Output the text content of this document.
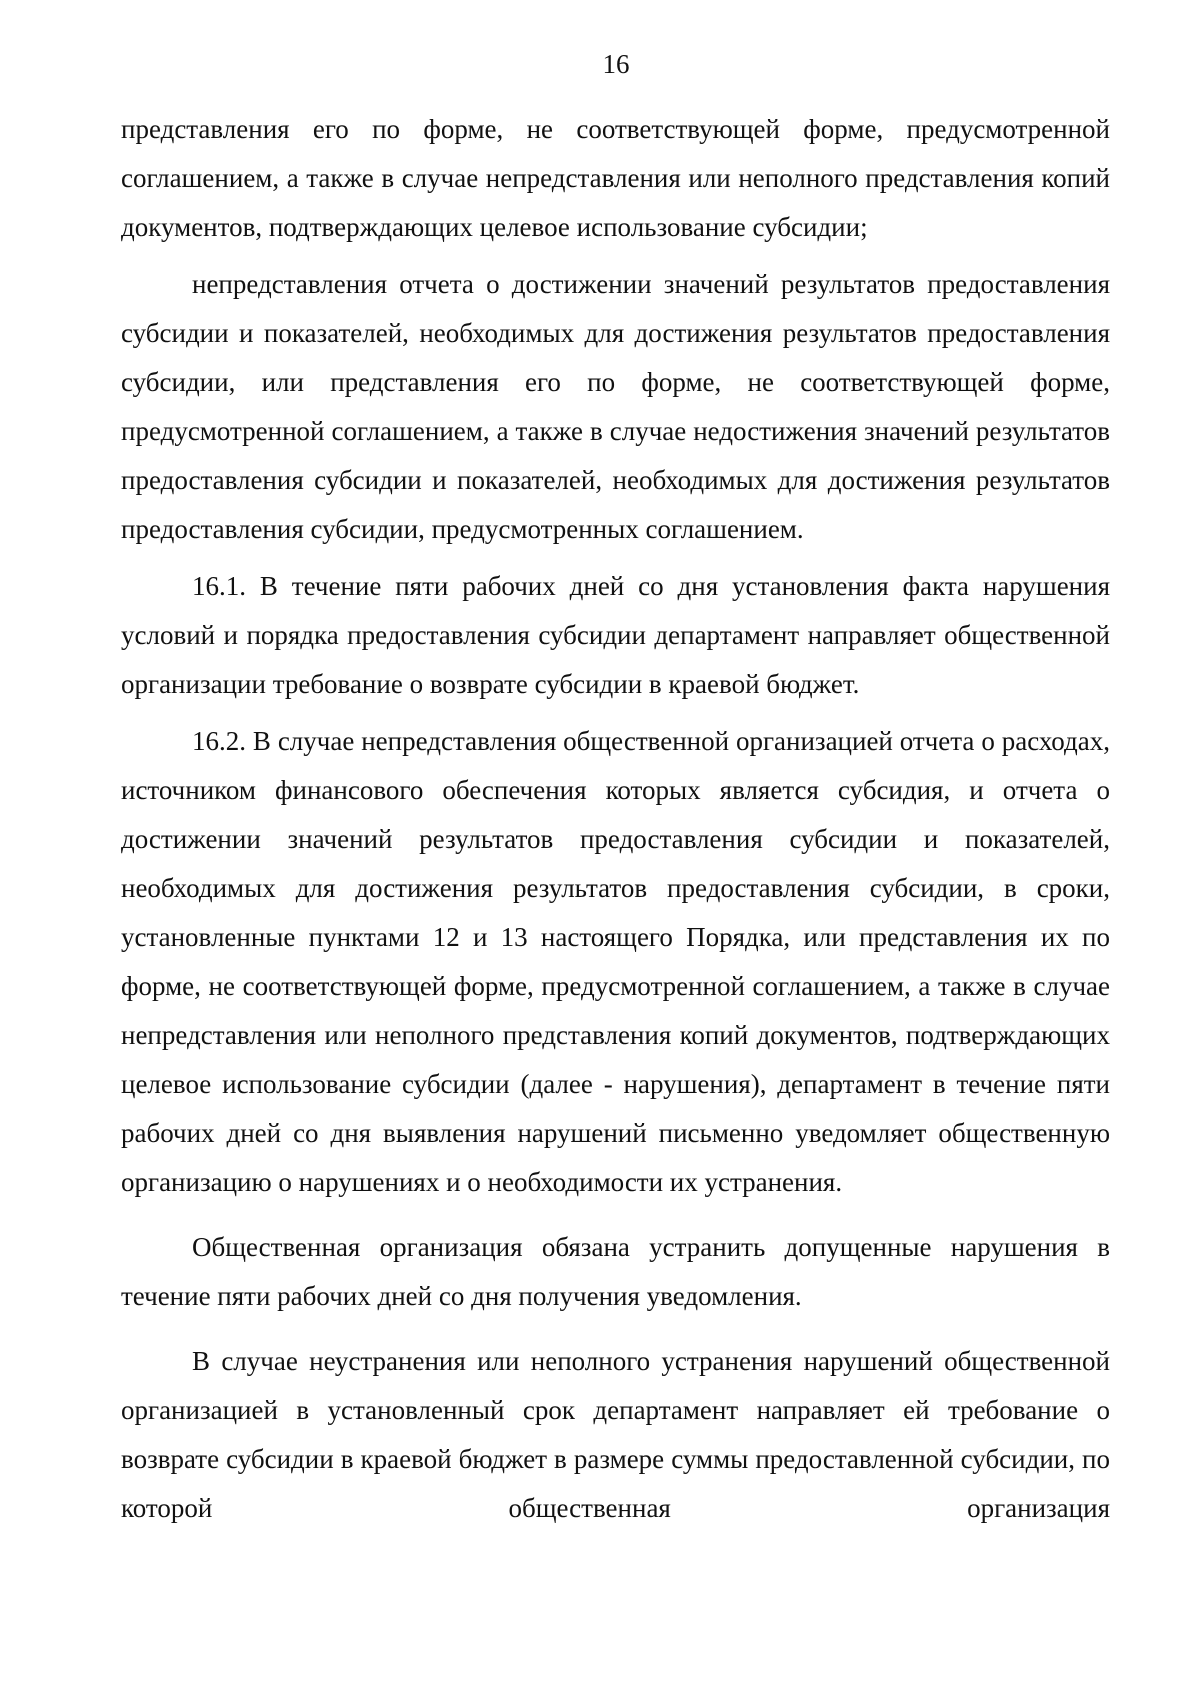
16

представления его по форме, не соответствующей форме, предусмотренной соглашением, а также в случае непредставления или неполного представления копий документов, подтверждающих целевое использование субсидии;

непредставления отчета о достижении значений результатов предоставления субсидии и показателей, необходимых для достижения результатов предоставления субсидии, или представления его по форме, не соответствующей форме, предусмотренной соглашением, а также в случае недостижения значений результатов предоставления субсидии и показателей, необходимых для достижения результатов предоставления субсидии, предусмотренных соглашением.

16.1. В течение пяти рабочих дней со дня установления факта нарушения условий и порядка предоставления субсидии департамент направляет общественной организации требование о возврате субсидии в краевой бюджет.

16.2. В случае непредставления общественной организацией отчета о расходах, источником финансового обеспечения которых является субсидия, и отчета о достижении значений результатов предоставления субсидии и показателей, необходимых для достижения результатов предоставления субсидии, в сроки, установленные пунктами 12 и 13 настоящего Порядка, или представления их по форме, не соответствующей форме, предусмотренной соглашением, а также в случае непредставления или неполного представления копий документов, подтверждающих целевое использование субсидии (далее - нарушения), департамент в течение пяти рабочих дней со дня выявления нарушений письменно уведомляет общественную организацию о нарушениях и о необходимости их устранения.

Общественная организация обязана устранить допущенные нарушения в течение пяти рабочих дней со дня получения уведомления.

В случае неустранения или неполного устранения нарушений общественной организацией в установленный срок департамент направляет ей требование о возврате субсидии в краевой бюджет в размере суммы предоставленной субсидии, по которой общественная организация
